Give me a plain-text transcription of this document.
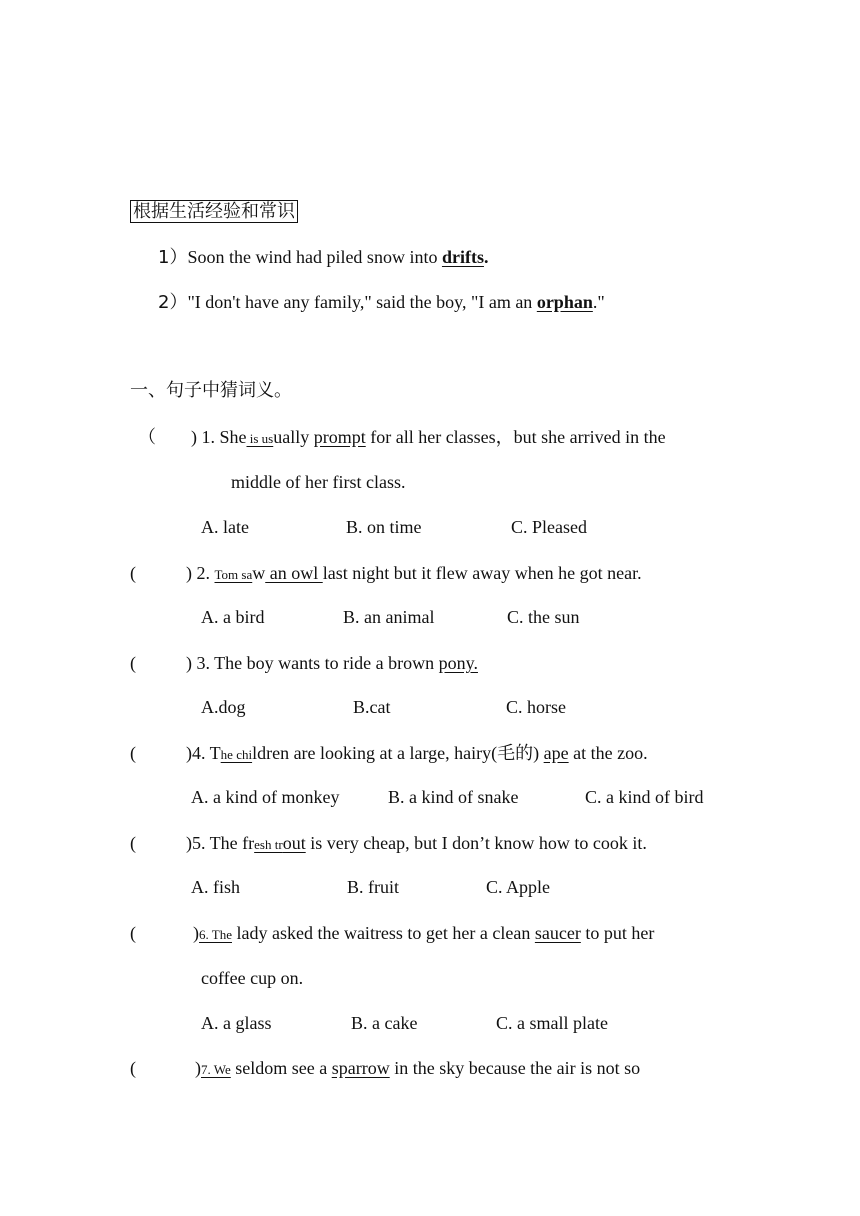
根据生活经验和常识
1）Soon the wind had piled snow into drifts.
2）"I don't have any family," said the boy, "I am an orphan."
一、句子中猜词义。
（ ) 1. She is usually prompt for all her classes，but she arrived in the
middle of her first class.
A. late	B. on time	C. Pleased
(	) 2. Tom saw an owl last night but it flew away when he got near.
A. a bird	B. an animal	C. the sun
(	) 3. The boy wants to ride a brown pony.
A.dog	B.cat	C. horse
(	)4. The children are looking at a large, hairy(毛的) ape at the zoo.
A. a kind of monkey	B. a kind of snake	C. a kind of bird
(	)5. The fresh trout is very cheap, but I don’t know how to cook it.
A. fish	B. fruit	C. Apple
(	)6. The lady asked the waitress to get her a clean saucer to put her
coffee cup on.
A. a glass	B. a cake	C. a small plate
(	)7. We seldom see a sparrow in the sky because the air is not so
